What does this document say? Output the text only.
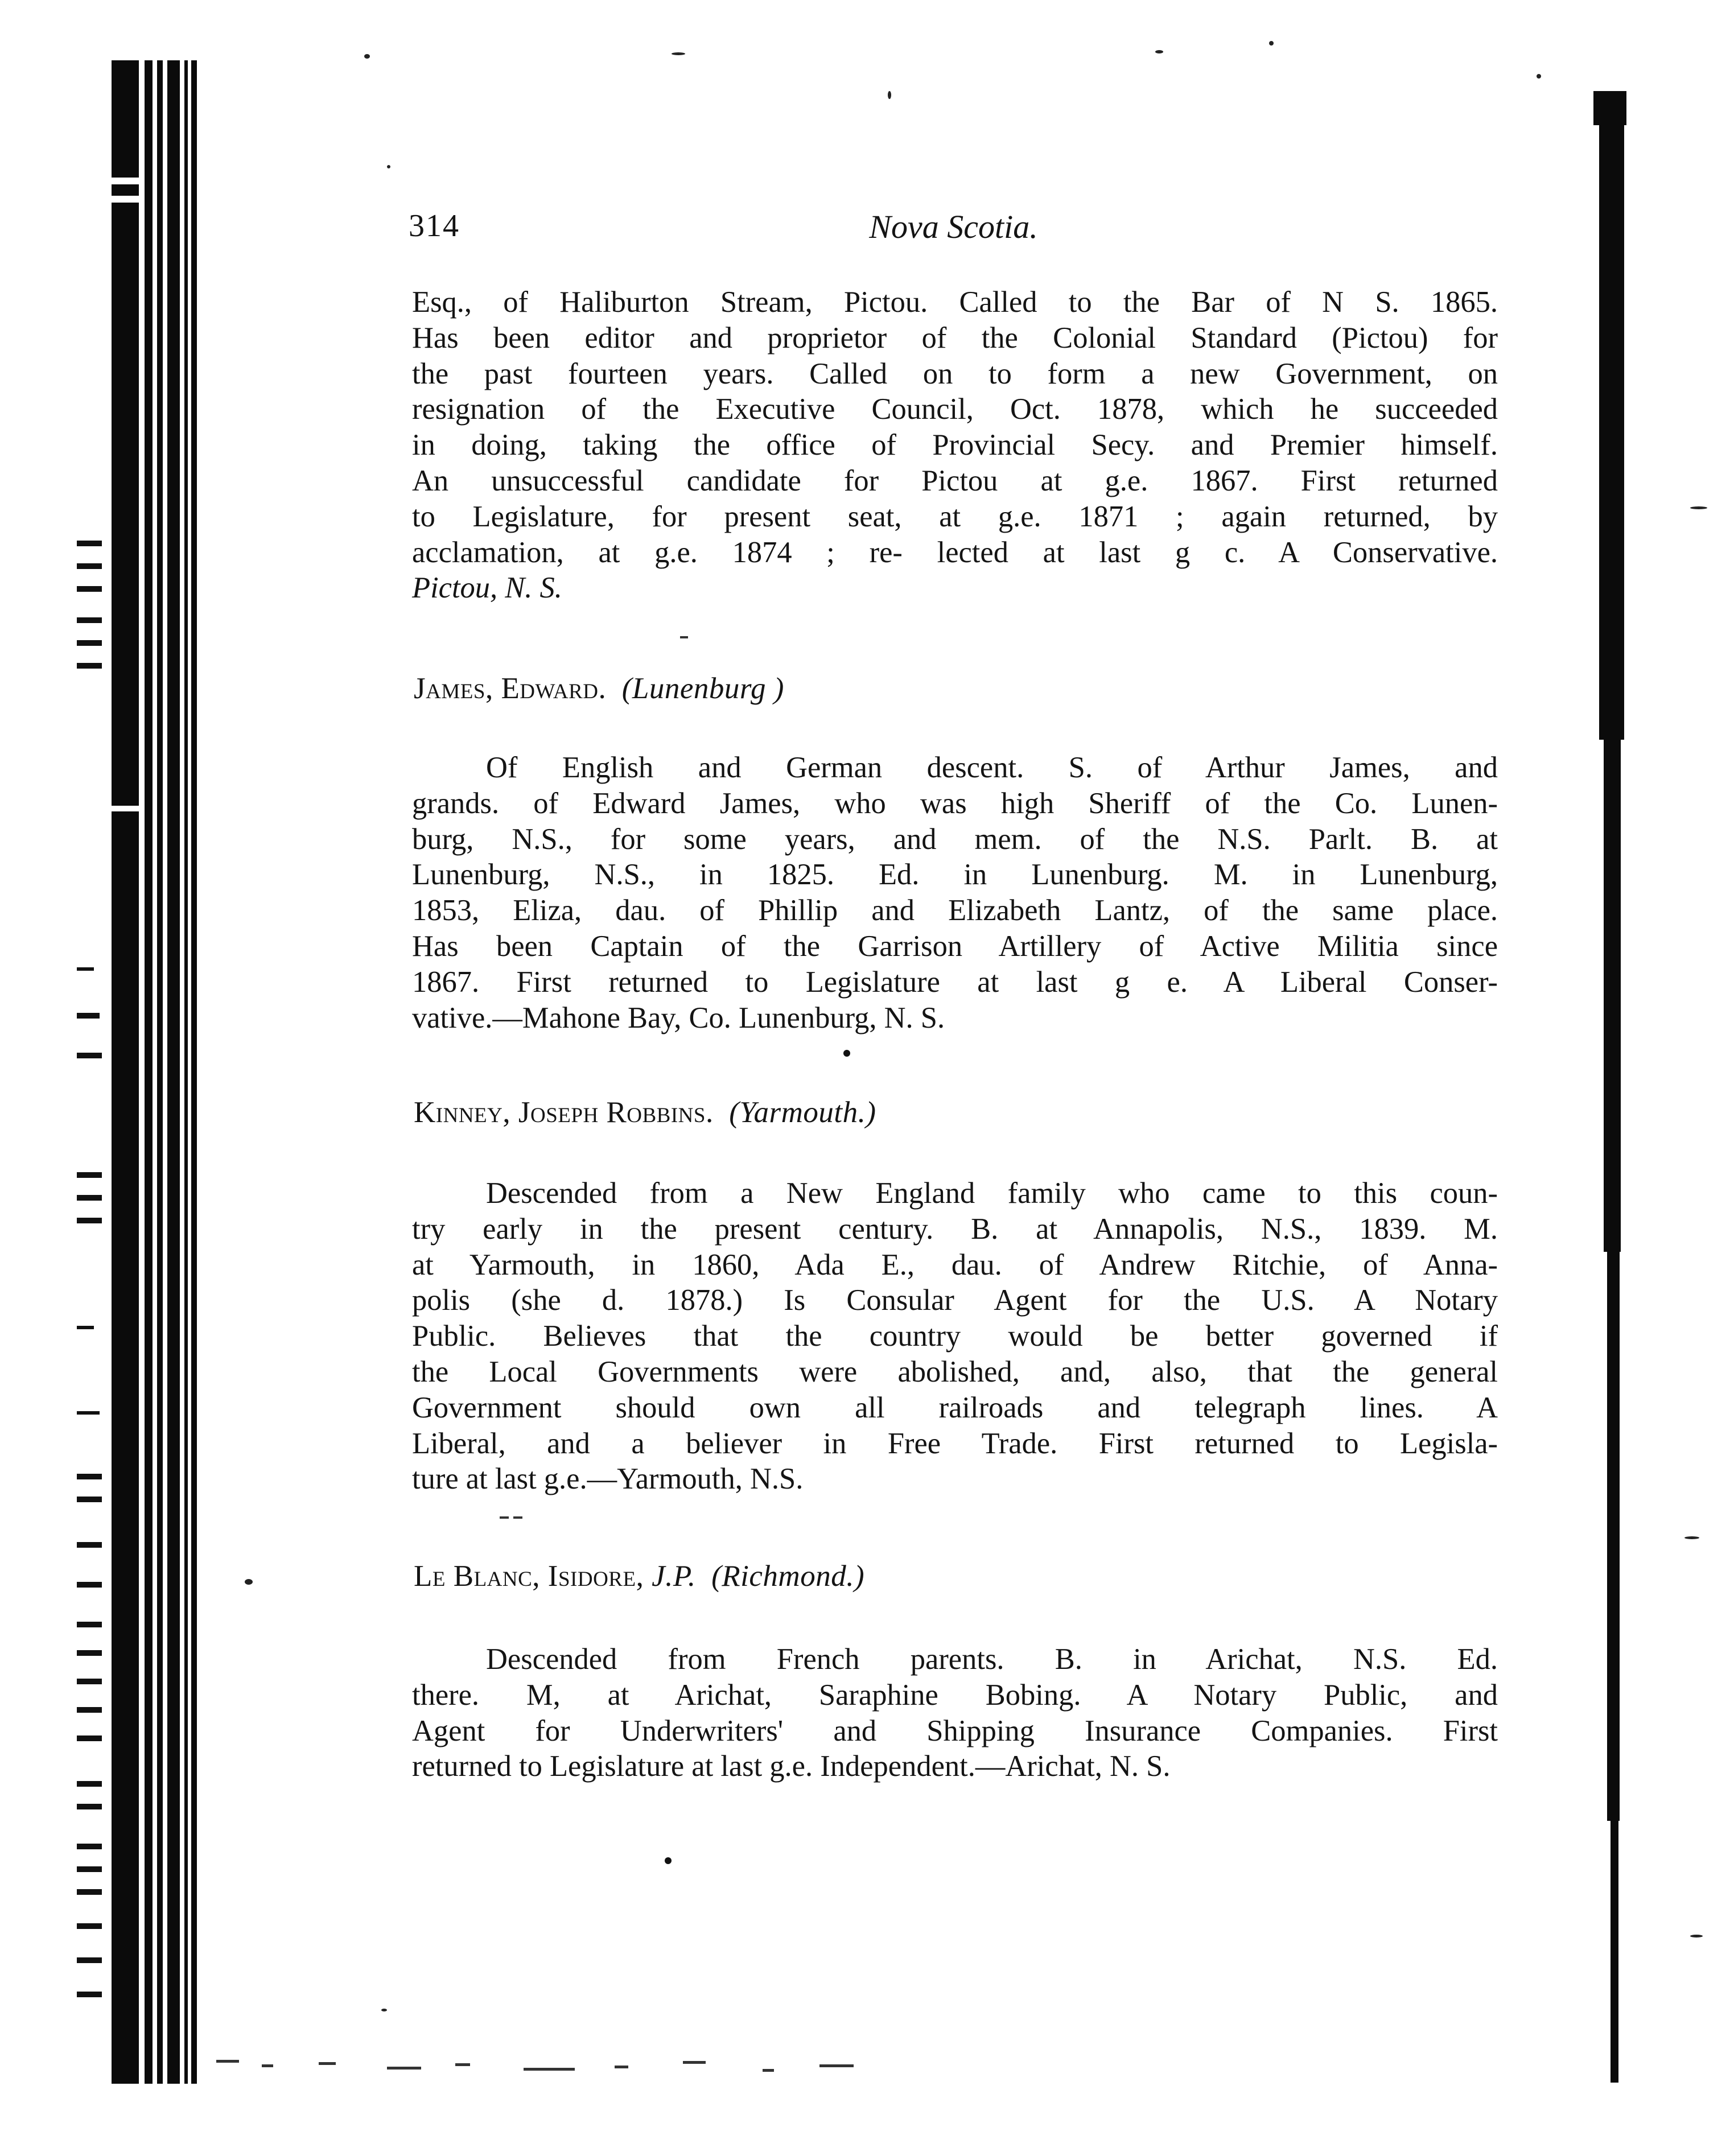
314	Nova Scotia.

Esq., of Haliburton Stream, Pictou. Called to the Bar of N S. 1865.

Has been editor and proprietor of the Colonial Standard (Pictou) for

the past fourteen years. Called on to form a new Government, on

resignation of the Executive Council, Oct. 1878, which he succeeded

in doing, taking the office of Provincial Secy. and Premier himself.

An unsuccessful candidate for Pictou at g.e. 1867. First returned

to Legislature, for present seat, at g.e. 1871 ; again returned, by

acclamation, at g.e. 1874 ; re- lected at last g c. A Conservative.

Pictou, N. S.

James, Edward. (Lunenburg )

Of English and German descent. S. of Arthur James, and

grands. of Edward James, who was high Sheriff of the Co. Lunen-

burg, N.S., for some years, and mem. of the N.S. Parlt. B. at

Lunenburg, N.S., in 1825. Ed. in Lunenburg. M. in Lunenburg,

1853, Eliza, dau. of Phillip and Elizabeth Lantz, of the same place.

Has been Captain of the Garrison Artillery of Active Militia since

1867. First returned to Legislature at last g e. A Liberal Conser-

vative.—Mahone Bay, Co. Lunenburg, N. S.

Kinney, Joseph Robbins. (Yarmouth.)

Descended from a New England family who came to this coun-

try early in the present century. B. at Annapolis, N.S., 1839. M.

at Yarmouth, in 1860, Ada E., dau. of Andrew Ritchie, of Anna-

polis (she d. 1878.) Is Consular Agent for the U.S. A Notary

Public. Believes that the country would be better governed if

the Local Governments were abolished, and, also, that the general

Government should own all railroads and telegraph lines. A

Liberal, and a believer in Free Trade. First returned to Legisla-

ture at last g.e.—Yarmouth, N.S.

Le Blanc, Isidore, J.P. (Richmond.)

Descended from French parents. B. in Arichat, N.S. Ed.

there. M, at Arichat, Saraphine Bobing. A Notary Public, and

Agent for Underwriters' and Shipping Insurance Companies. First

returned to Legislature at last g.e. Independent.—Arichat, N. S.
